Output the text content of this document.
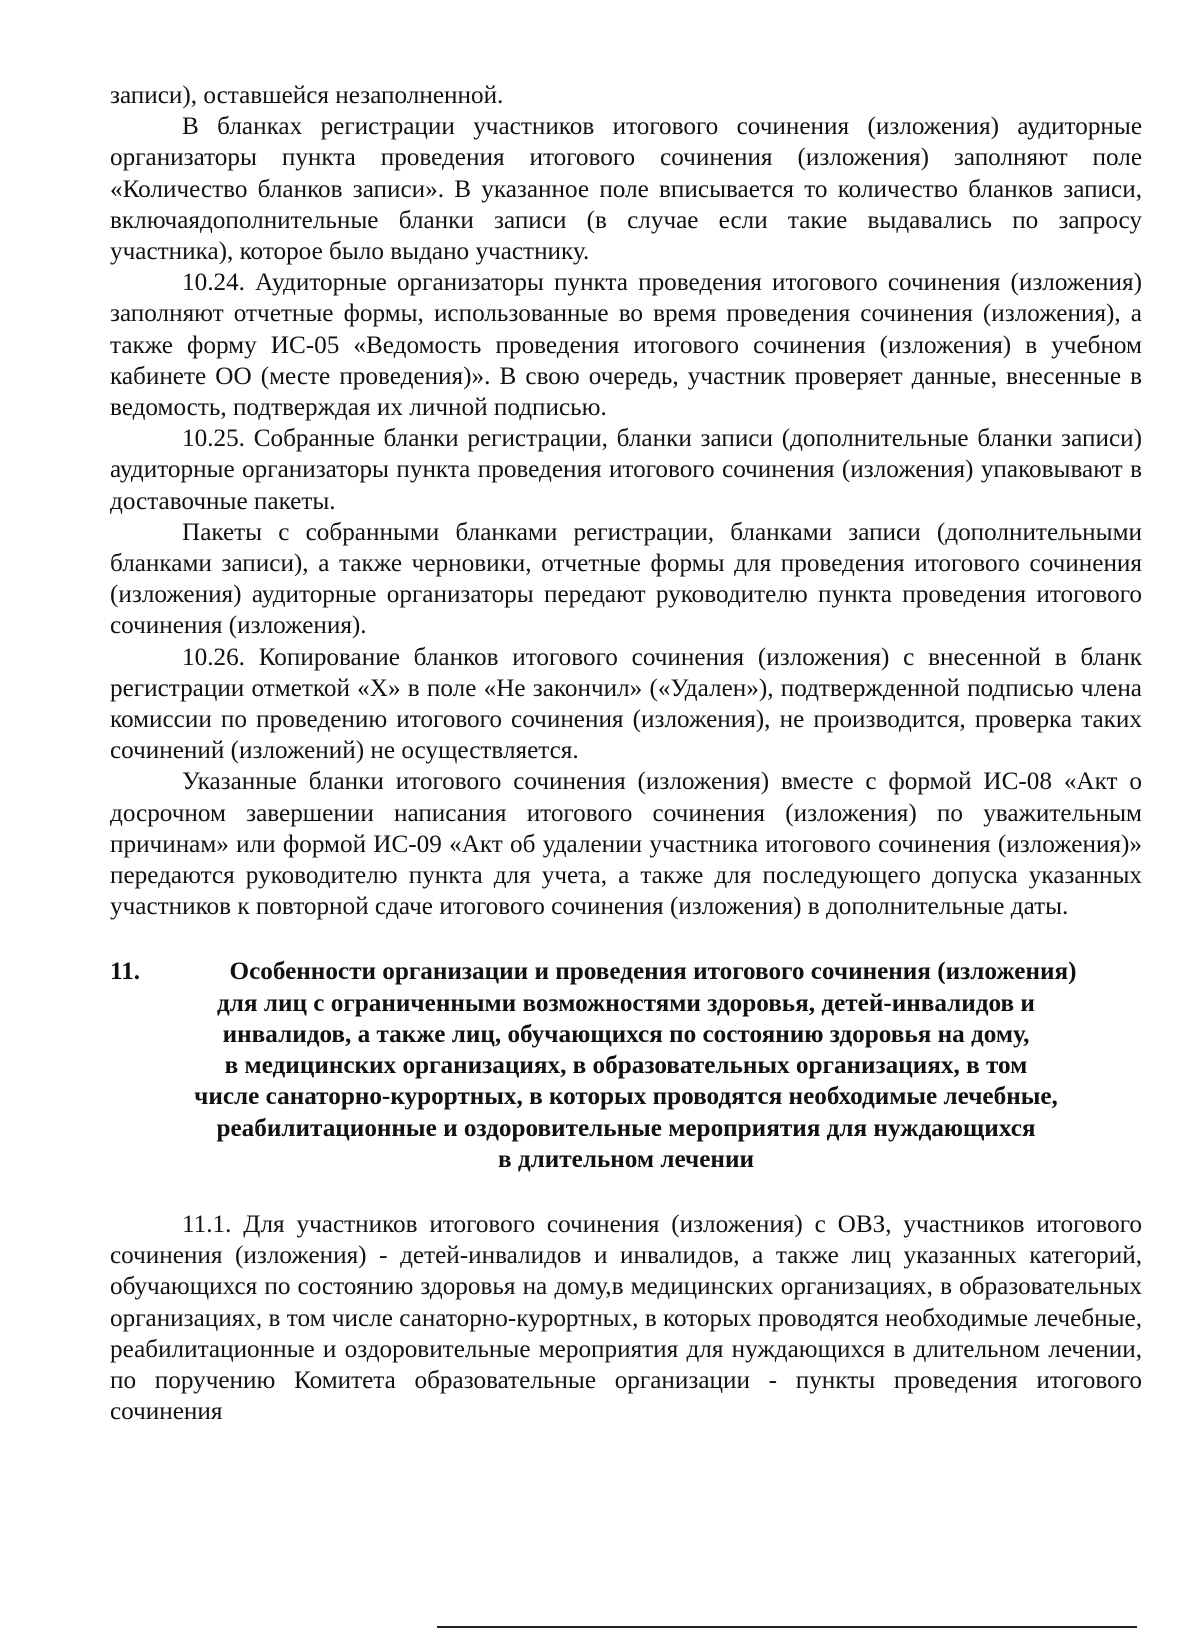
записи), оставшейся незаполненной.

В бланках регистрации участников итогового сочинения (изложения) аудиторные организаторы пункта проведения итогового сочинения (изложения) заполняют поле «Количество бланков записи». В указанное поле вписывается то количество бланков записи, включаядополнительные бланки записи (в случае если такие выдавались по запросу участника), которое было выдано участнику.

10.24. Аудиторные организаторы пункта проведения итогового сочинения (изложения) заполняют отчетные формы, использованные во время проведения сочинения (изложения), а также форму ИС-05 «Ведомость проведения итогового сочинения (изложения) в учебном кабинете ОО (месте проведения)». В свою очередь, участник проверяет данные, внесенные в ведомость, подтверждая их личной подписью.

10.25. Собранные бланки регистрации, бланки записи (дополнительные бланки записи) аудиторные организаторы пункта проведения итогового сочинения (изложения) упаковывают в доставочные пакеты.

Пакеты с собранными бланками регистрации, бланками записи (дополнительными бланками записи), а также черновики, отчетные формы для проведения итогового сочинения (изложения) аудиторные организаторы передают руководителю пункта проведения итогового сочинения (изложения).

10.26. Копирование бланков итогового сочинения (изложения) с внесенной в бланк регистрации отметкой «Х» в поле «Не закончил» («Удален»), подтвержденной подписью члена комиссии по проведению итогового сочинения (изложения), не производится, проверка таких сочинений (изложений) не осуществляется.

Указанные бланки итогового сочинения (изложения) вместе с формой ИС-08 «Акт о досрочном завершении написания итогового сочинения (изложения) по уважительным причинам» или формой ИС-09 «Акт об удалении участника итогового сочинения (изложения)» передаются руководителю пункта для учета, а также для последующего допуска указанных участников к повторной сдаче итогового сочинения (изложения) в дополнительные даты.

11.	Особенности организации и проведения итогового сочинения (изложения)
для лиц с ограниченными возможностями здоровья, детей-инвалидов и
инвалидов, а также лиц, обучающихся по состоянию здоровья на дому,
в медицинских организациях, в образовательных организациях, в том
числе санаторно-курортных, в которых проводятся необходимые лечебные,
реабилитационные и оздоровительные мероприятия для нуждающихся
в длительном лечении

11.1. Для участников итогового сочинения (изложения) с ОВЗ, участников итогового сочинения (изложения) - детей-инвалидов и инвалидов, а также лиц указанных категорий, обучающихся по состоянию здоровья на дому,в медицинских организациях, в образовательных организациях, в том числе санаторно-курортных, в которых проводятся необходимые лечебные, реабилитационные и оздоровительные мероприятия для нуждающихся в длительном лечении, по поручению Комитета образовательные организации - пункты проведения итогового сочинения
